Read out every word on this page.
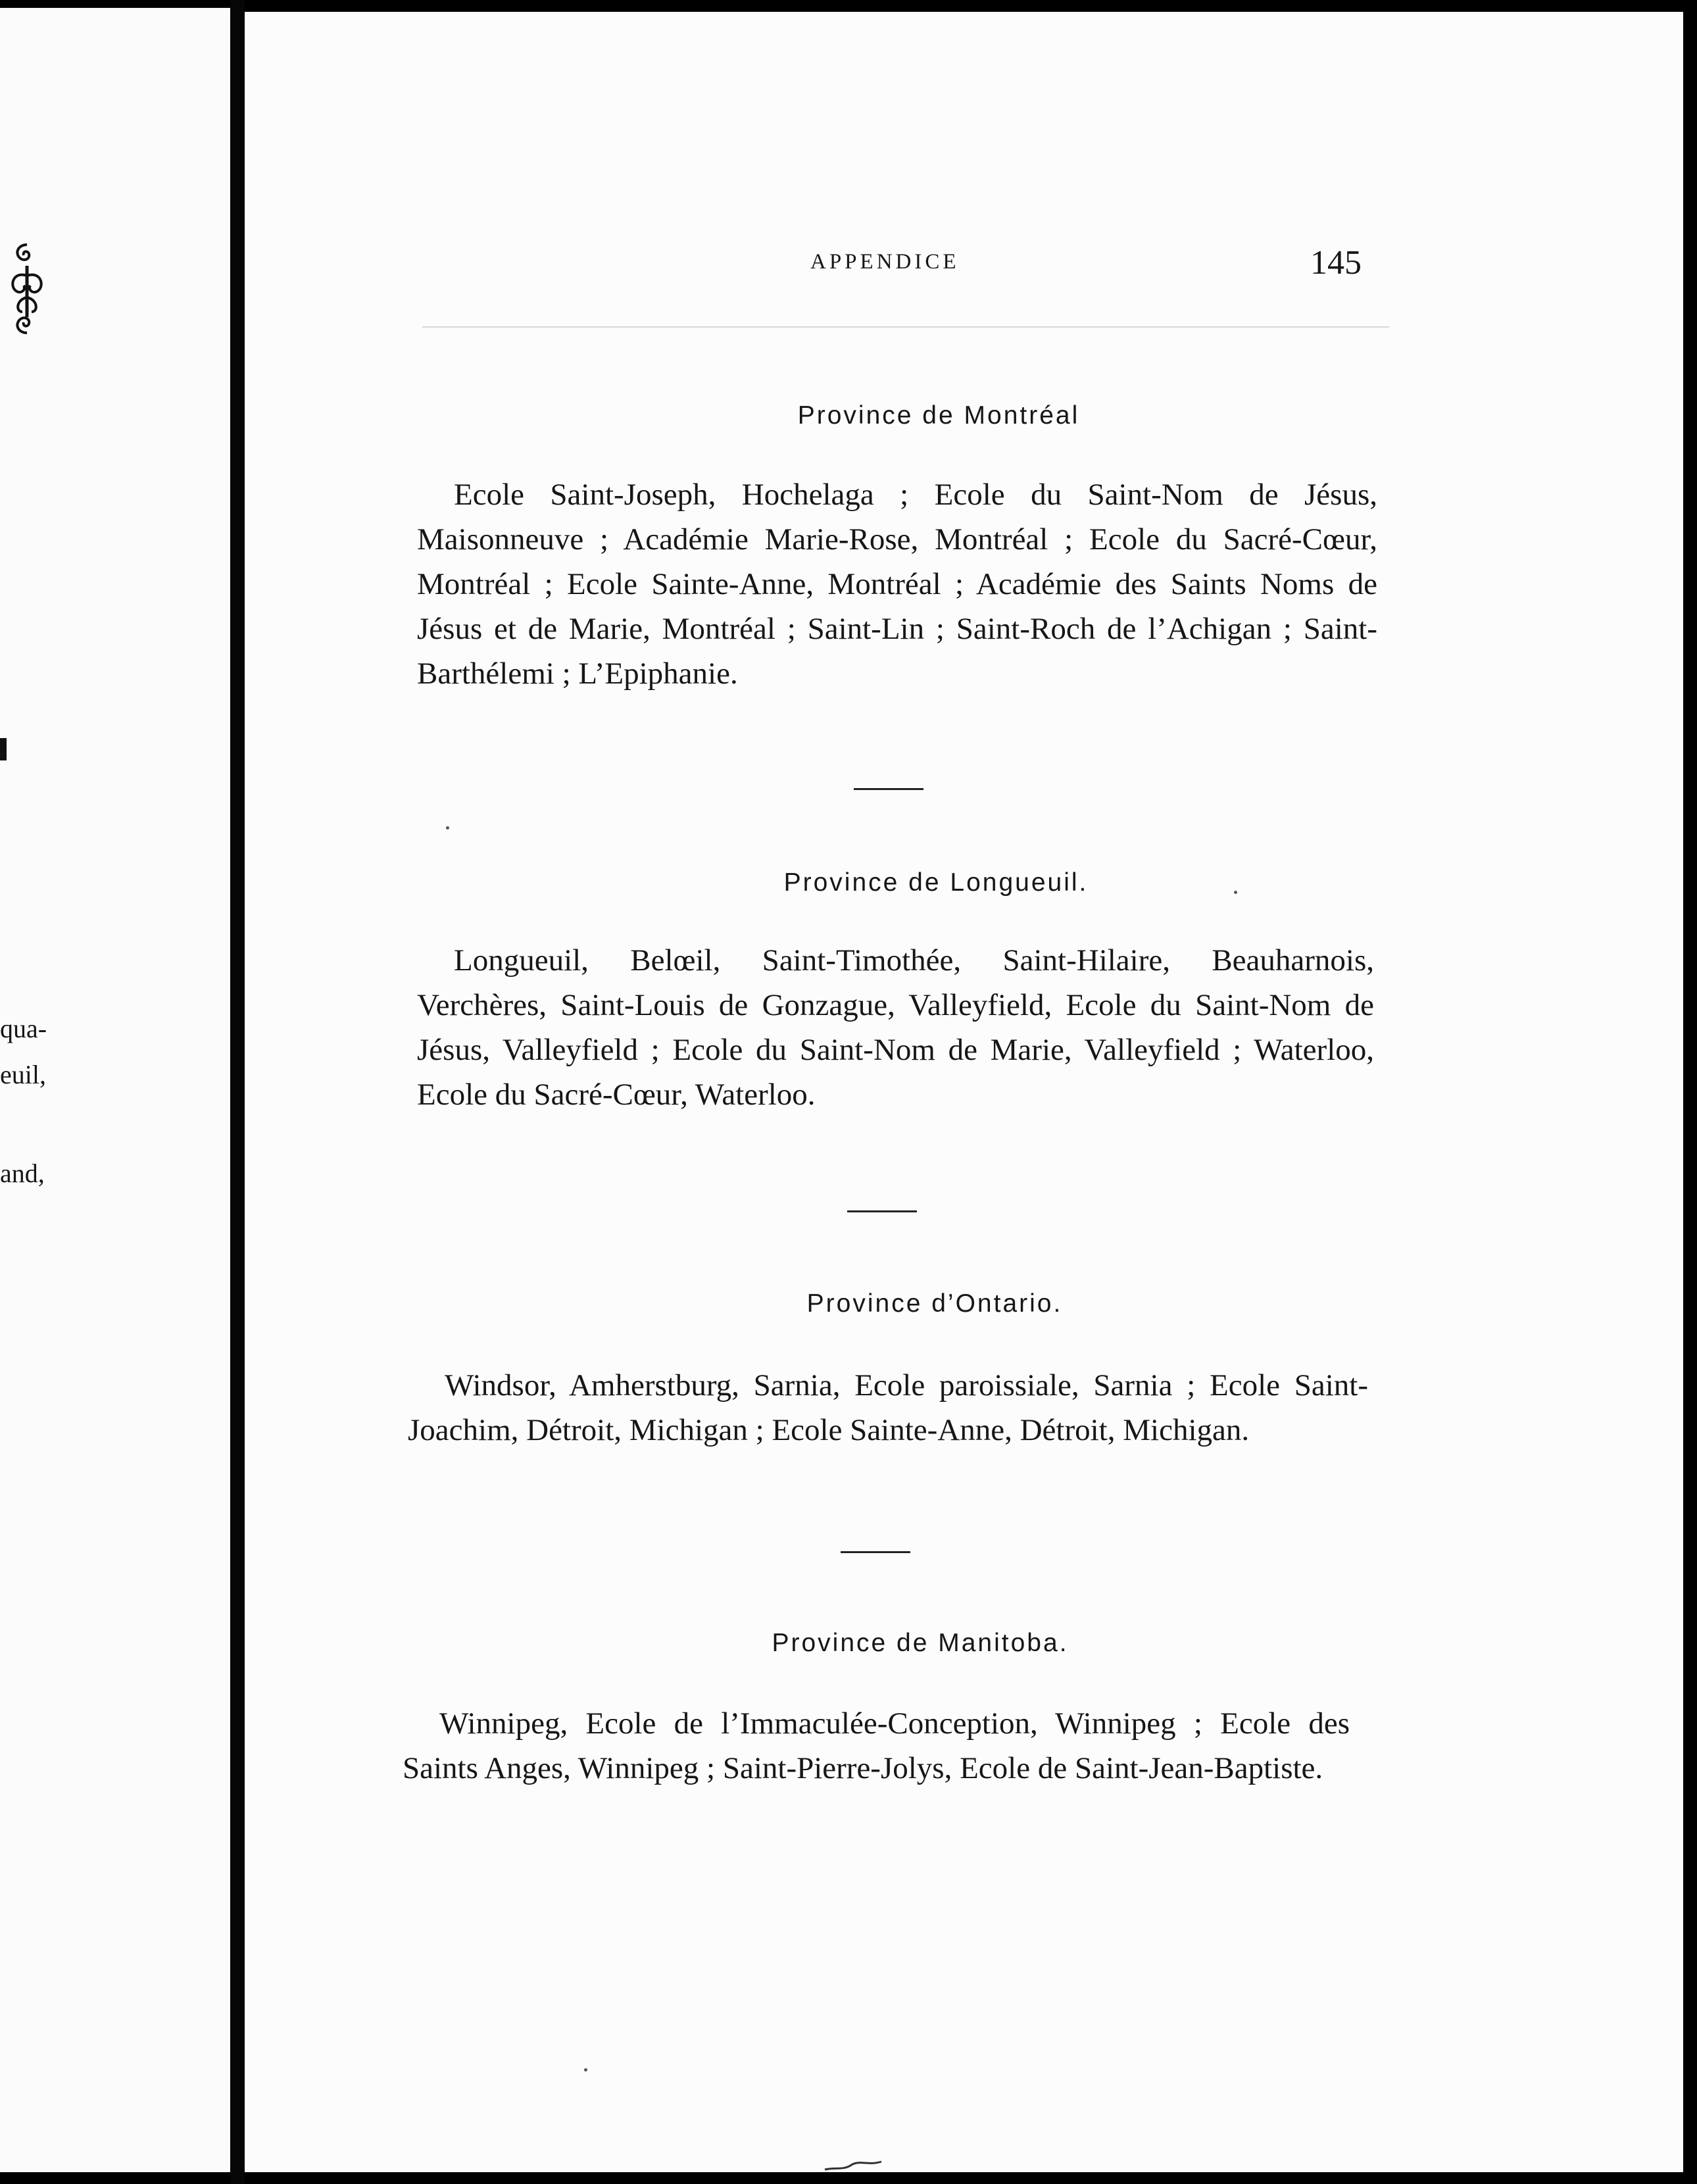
qua-
euil,
and,
APPENDICE	145
Province de Montréal

Ecole Saint-Joseph, Hochelaga ; Ecole du Saint-Nom de Jésus, Maisonneuve ; Académie Marie-Rose, Montréal ; Ecole du Sacré-Cœur, Montréal ; Ecole Sainte-Anne, Montréal ; Académie des Saints Noms de Jésus et de Marie, Montréal ; Saint-Lin ; Saint-Roch de l’Achigan ; Saint-Barthélemi ; L’Epiphanie.

Province de Longueuil.

Longueuil, Belœil, Saint-Timothée, Saint-Hilaire, Beauharnois, Verchères, Saint-Louis de Gonzague, Valleyfield, Ecole du Saint-Nom de Jésus, Valleyfield ; Ecole du Saint-Nom de Marie, Valleyfield ; Waterloo, Ecole du Sacré-Cœur, Waterloo.

Province d’Ontario.

Windsor, Amherstburg, Sarnia, Ecole paroissiale, Sarnia ; Ecole Saint-Joachim, Détroit, Michigan ; Ecole Sainte-Anne, Détroit, Michigan.

Province de Manitoba.

Winnipeg, Ecole de l’Immaculée-Conception, Winnipeg ; Ecole des Saints Anges, Winnipeg ; Saint-Pierre-Jolys, Ecole de Saint-Jean-Baptiste.
